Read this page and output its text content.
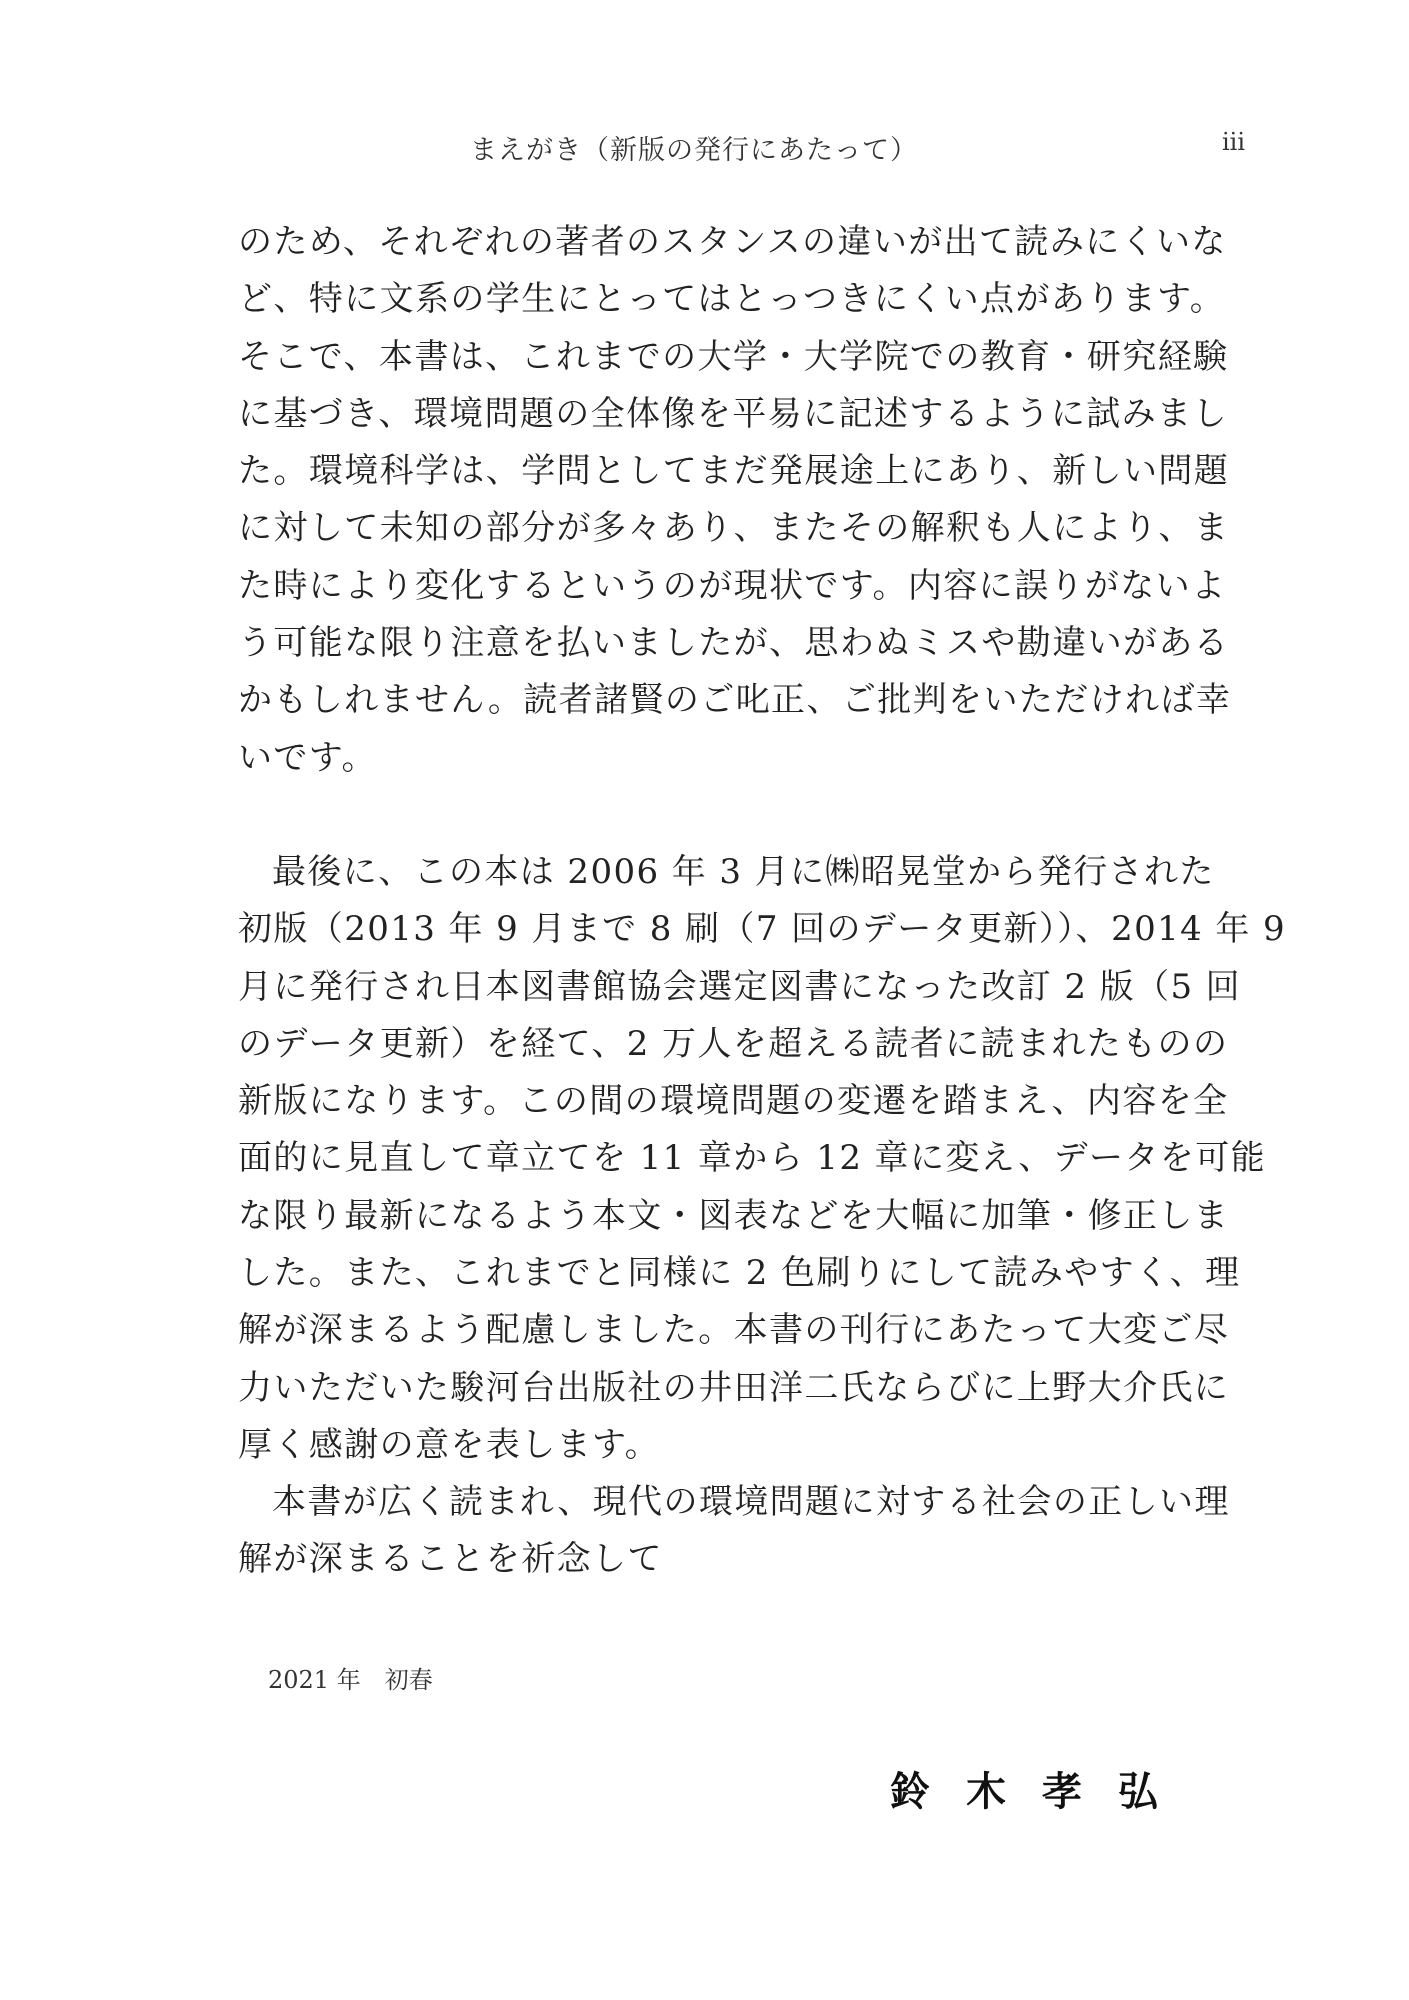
まえがき（新版の発行にあたって）	iii
のため、それぞれの著者のスタンスの違いが出て読みにくいな
ど、特に文系の学生にとってはとっつきにくい点があります。
そこで、本書は、これまでの大学・大学院での教育・研究経験
に基づき、環境問題の全体像を平易に記述するように試みまし
た。環境科学は、学問としてまだ発展途上にあり、新しい問題
に対して未知の部分が多々あり、またその解釈も人により、ま
た時により変化するというのが現状です。内容に誤りがないよ
う可能な限り注意を払いましたが、思わぬミスや勘違いがある
かもしれません。読者諸賢のご叱正、ご批判をいただければ幸
いです。
最後に、この本は 2006 年 3 月に㈱昭晃堂から発行された
初版（2013 年 9 月まで 8 刷（7 回のデータ更新））、2014 年 9
月に発行され日本図書館協会選定図書になった改訂 2 版（5 回
のデータ更新）を経て、2 万人を超える読者に読まれたものの
新版になります。この間の環境問題の変遷を踏まえ、内容を全
面的に見直して章立てを 11 章から 12 章に変え、データを可能
な限り最新になるよう本文・図表などを大幅に加筆・修正しま
した。また、これまでと同様に 2 色刷りにして読みやすく、理
解が深まるよう配慮しました。本書の刊行にあたって大変ご尽
力いただいた駿河台出版社の井田洋二氏ならびに上野大介氏に
厚く感謝の意を表します。
本書が広く読まれ、現代の環境問題に対する社会の正しい理
解が深まることを祈念して
2021 年　初春
鈴木孝弘
